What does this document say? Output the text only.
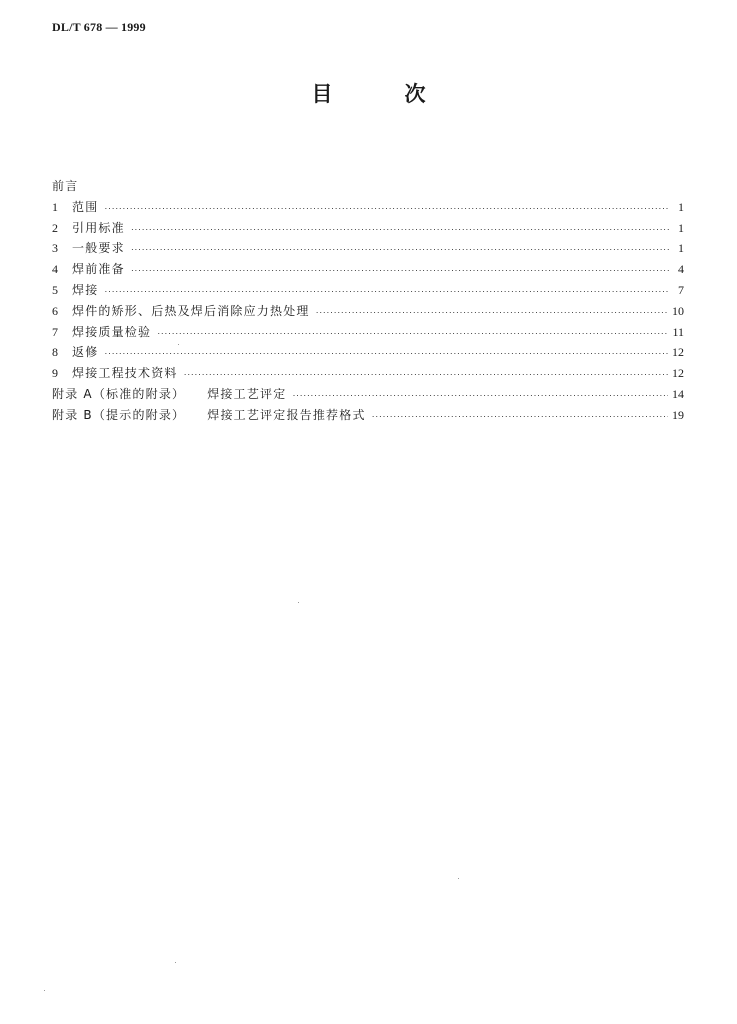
DL/T 678 — 1999
目	次
前言
1	范围 ·····	1
2	引用标准 ·····	1
3	一般要求 ·····	1
4	焊前准备 ·····	4
5	焊接 ·····	7
6	焊件的矫形、后热及焊后消除应力热处理 ·····	10
7	焊接质量检验 ·····	11
8	返修 ·····	12
9	焊接工程技术资料 ·····	12
附录 A（标准的附录） 焊接工艺评定 ·····	14
附录 B（提示的附录） 焊接工艺评定报告推荐格式 ·····	19
